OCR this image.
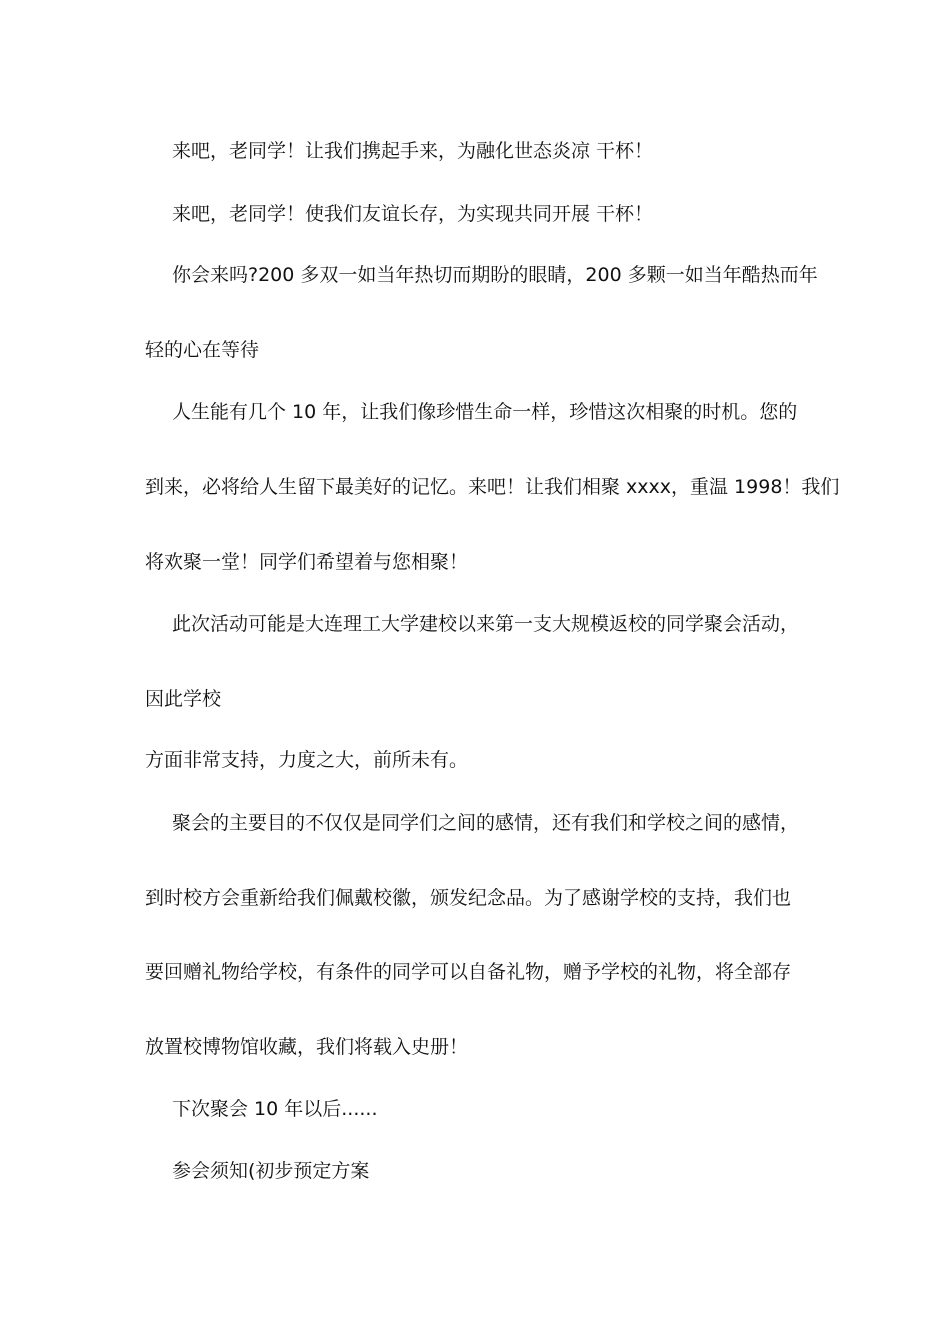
来吧，老同学！让我们携起手来，为融化世态炎凉 干杯！
来吧，老同学！使我们友谊长存，为实现共同开展 干杯！
你会来吗?200 多双一如当年热切而期盼的眼睛，200 多颗一如当年酷热而年
轻的心在等待
人生能有几个 10 年，让我们像珍惜生命一样，珍惜这次相聚的时机。您的
到来，必将给人生留下最美好的记忆。来吧！让我们相聚 xxxx，重温 1998！我们
将欢聚一堂！同学们希望着与您相聚！
此次活动可能是大连理工大学建校以来第一支大规模返校的同学聚会活动，
因此学校
方面非常支持，力度之大，前所未有。
聚会的主要目的不仅仅是同学们之间的感情，还有我们和学校之间的感情，
到时校方会重新给我们佩戴校徽，颁发纪念品。为了感谢学校的支持，我们也
要回赠礼物给学校，有条件的同学可以自备礼物，赠予学校的礼物，将全部存
放置校博物馆收藏，我们将载入史册！
下次聚会 10 年以后......
参会须知(初步预定方案
